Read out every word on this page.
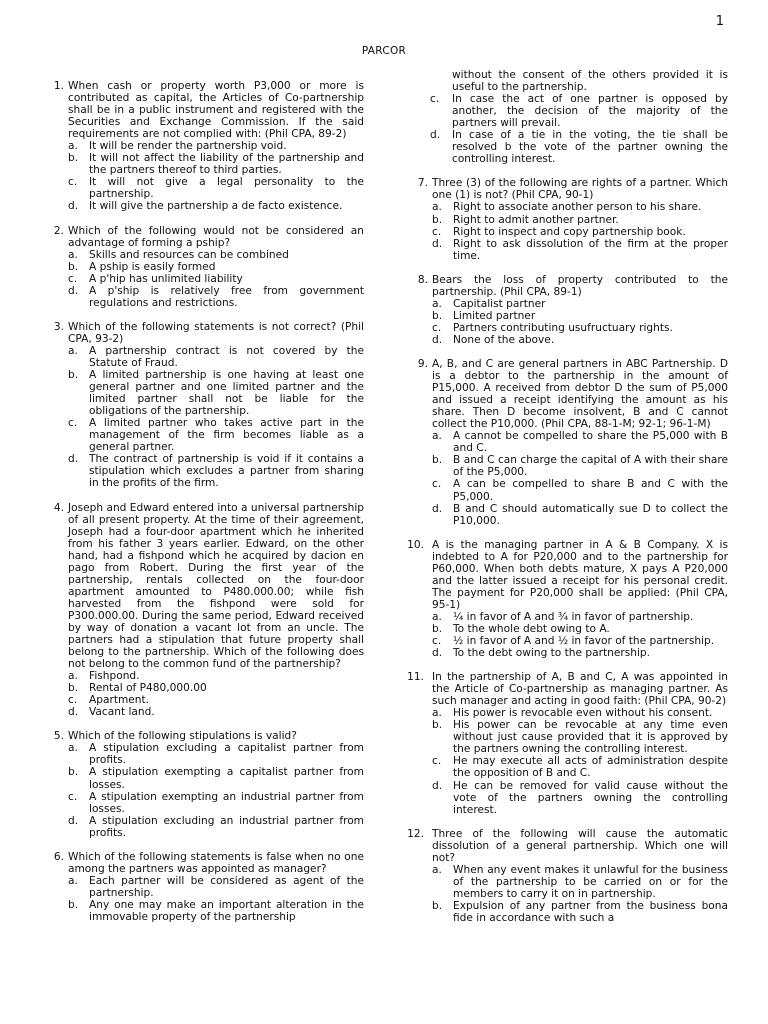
1
PARCOR
1. When cash or property worth P3,000 or more is contributed as capital, the Articles of Co-partnership shall be in a public instrument and registered with the Securities and Exchange Commission. If the said requirements are not complied with: (Phil CPA, 89-2)
a. It will be render the partnership void.
b. It will not affect the liability of the partnership and the partners thereof to third parties.
c. It will not give a legal personality to the partnership.
d. It will give the partnership a de facto existence.
2. Which of the following would not be considered an advantage of forming a pship?
a. Skills and resources can be combined
b. A pship is easily formed
c. A p'hip has unlimited liability
d. A p'ship is relatively free from government regulations and restrictions.
3. Which of the following statements is not correct? (Phil CPA, 93-2)
a. A partnership contract is not covered by the Statute of Fraud.
b. A limited partnership is one having at least one general partner and one limited partner and the limited partner shall not be liable for the obligations of the partnership.
c. A limited partner who takes active part in the management of the firm becomes liable as a general partner.
d. The contract of partnership is void if it contains a stipulation which excludes a partner from sharing in the profits of the firm.
4. Joseph and Edward entered into a universal partnership of all present property. At the time of their agreement, Joseph had a four-door apartment which he inherited from his father 3 years earlier. Edward, on the other hand, had a fishpond which he acquired by dacion en pago from Robert. During the first year of the partnership, rentals collected on the four-door apartment amounted to P480.000.00; while fish harvested from the fishpond were sold for P300.000.00. During the same period, Edward received by way of donation a vacant lot from an uncle. The partners had a stipulation that future property shall belong to the partnership. Which of the following does not belong to the common fund of the partnership?
a. Fishpond.
b. Rental of P480,000.00
c. Apartment.
d. Vacant land.
5. Which of the following stipulations is valid?
a. A stipulation excluding a capitalist partner from profits.
b. A stipulation exempting a capitalist partner from losses.
c. A stipulation exempting an industrial partner from losses.
d. A stipulation excluding an industrial partner from profits.
6. Which of the following statements is false when no one among the partners was appointed as manager?
a. Each partner will be considered as agent of the partnership.
b. Any one may make an important alteration in the immovable property of the partnership
without the consent of the others provided it is useful to the partnership.
c. In case the act of one partner is opposed by another, the decision of the majority of the partners will prevail.
d. In case of a tie in the voting, the tie shall be resolved b the vote of the partner owning the controlling interest.
7. Three (3) of the following are rights of a partner. Which one (1) is not? (Phil CPA, 90-1)
a. Right to associate another person to his share.
b. Right to admit another partner.
c. Right to inspect and copy partnership book.
d. Right to ask dissolution of the firm at the proper time.
8. Bears the loss of property contributed to the partnership. (Phil CPA, 89-1)
a. Capitalist partner
b. Limited partner
c. Partners contributing usufructuary rights.
d. None of the above.
9. A, B, and C are general partners in ABC Partnership. D is a debtor to the partnership in the amount of P15,000. A received from debtor D the sum of P5,000 and issued a receipt identifying the amount as his share. Then D become insolvent, B and C cannot collect the P10,000. (Phil CPA, 88-1-M; 92-1; 96-1-M)
a. A cannot be compelled to share the P5,000 with B and C.
b. B and C can charge the capital of A with their share of the P5,000.
c. A can be compelled to share B and C with the P5,000.
d. B and C should automatically sue D to collect the P10,000.
10. A is the managing partner in A & B Company. X is indebted to A for P20,000 and to the partnership for P60,000. When both debts mature, X pays A P20,000 and the latter issued a receipt for his personal credit. The payment for P20,000 shall be applied: (Phil CPA, 95-1)
a. ¼ in favor of A and ¾ in favor of partnership.
b. To the whole debt owing to A.
c. ½ in favor of A and ½ in favor of the partnership.
d. To the debt owing to the partnership.
11. In the partnership of A, B and C, A was appointed in the Article of Co-partnership as managing partner. As such manager and acting in good faith: (Phil CPA, 90-2)
a. His power is revocable even without his consent.
b. His power can be revocable at any time even without just cause provided that it is approved by the partners owning the controlling interest.
c. He may execute all acts of administration despite the opposition of B and C.
d. He can be removed for valid cause without the vote of the partners owning the controlling interest.
12. Three of the following will cause the automatic dissolution of a general partnership. Which one will not?
a. When any event makes it unlawful for the business of the partnership to be carried on or for the members to carry it on in partnership.
b. Expulsion of any partner from the business bona fide in accordance with such a
